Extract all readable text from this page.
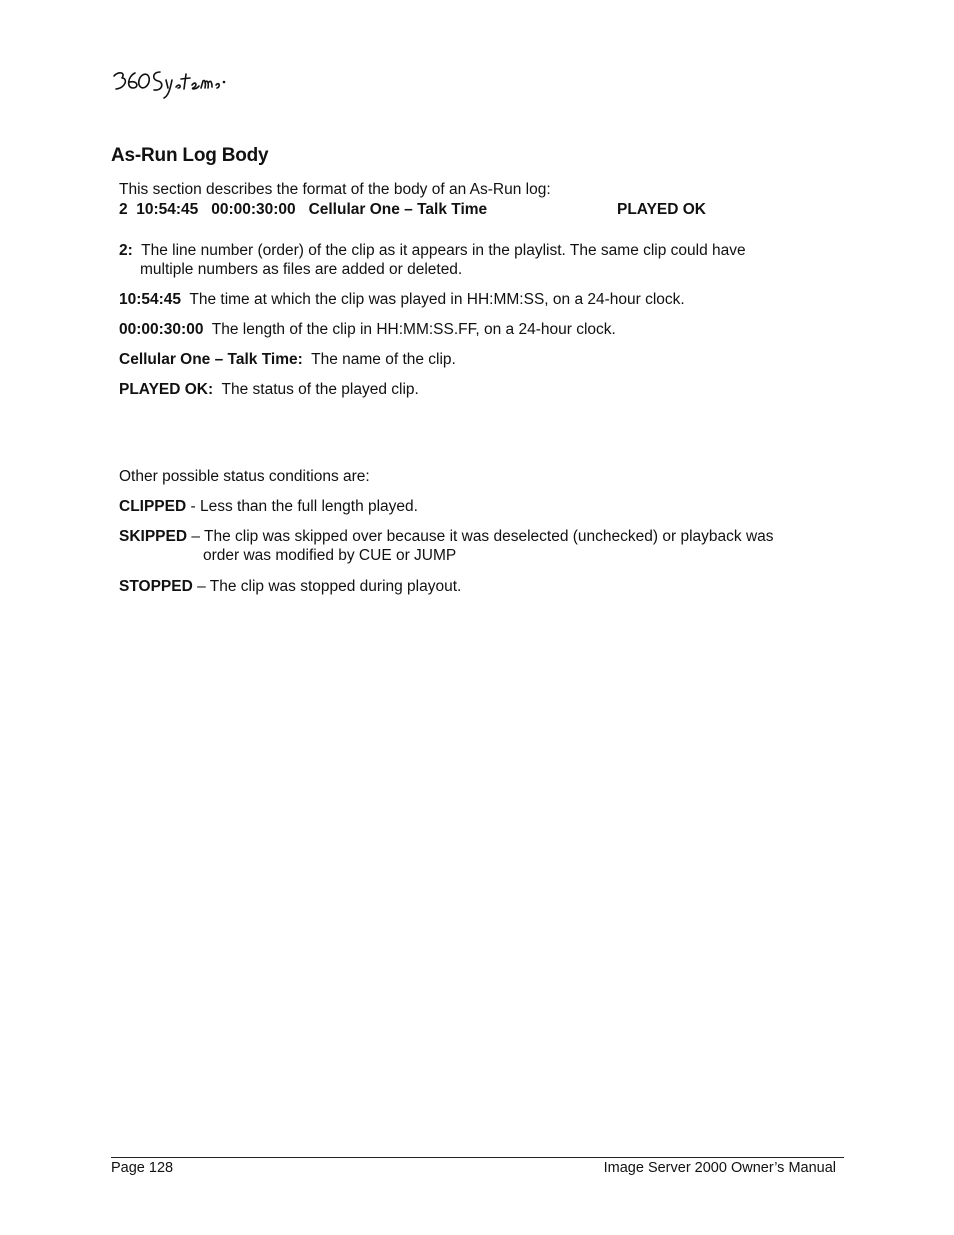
As-Run Log Body

This section describes the format of the body of an As-Run log:

2  10:54:45   00:00:30:00   Cellular One – Talk Time	PLAYED OK

2:  The line number (order) of the clip as it appears in the playlist. The same clip could have
multiple numbers as files are added or deleted.

10:54:45  The time at which the clip was played in HH:MM:SS, on a 24-hour clock.

00:00:30:00  The length of the clip in HH:MM:SS.FF, on a 24-hour clock.

Cellular One – Talk Time:  The name of the clip.

PLAYED OK:  The status of the played clip.

Other possible status conditions are:

CLIPPED - Less than the full length played.

SKIPPED – The clip was skipped over because it was deselected (unchecked) or playback was
order was modified by CUE or JUMP

STOPPED – The clip was stopped during playout.

Page 128	Image Server 2000 Owner’s Manual
